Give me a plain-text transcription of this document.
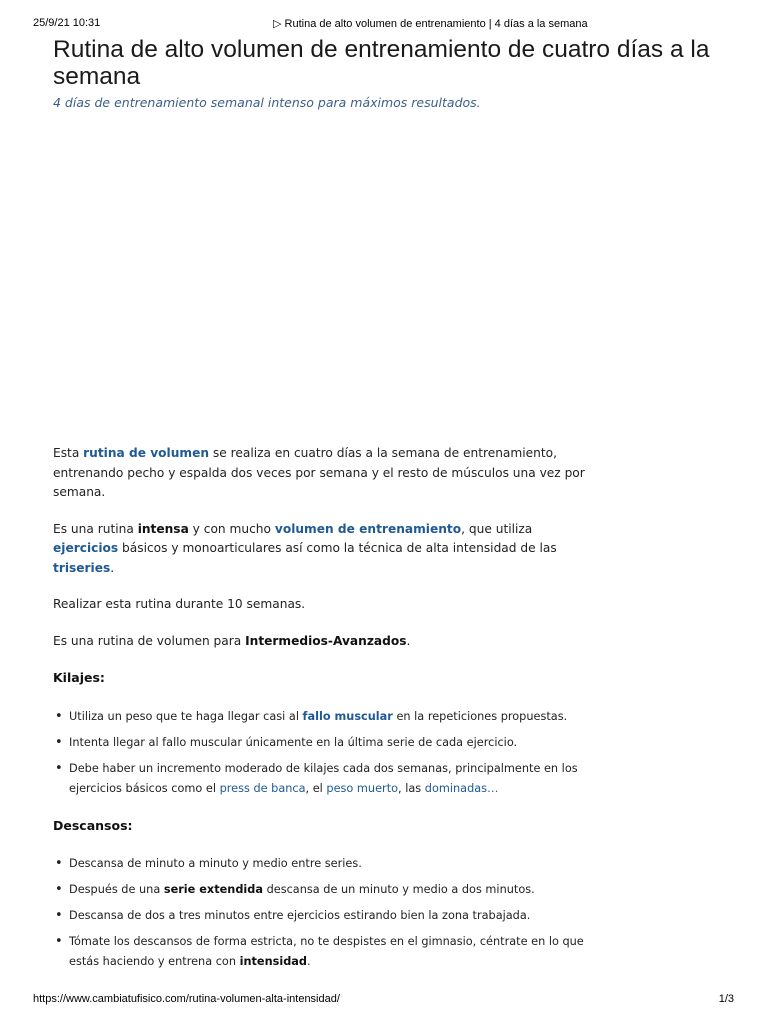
25/9/21 10:31	▷ Rutina de alto volumen de entrenamiento | 4 días a la semana
Rutina de alto volumen de entrenamiento de cuatro días a la semana

4 días de entrenamiento semanal intenso para máximos resultados.

Esta rutina de volumen se realiza en cuatro días a la semana de entrenamiento, entrenando pecho y espalda dos veces por semana y el resto de músculos una vez por semana.

Es una rutina intensa y con mucho volumen de entrenamiento, que utiliza ejercicios básicos y monoarticulares así como la técnica de alta intensidad de las triseries.

Realizar esta rutina durante 10 semanas.

Es una rutina de volumen para Intermedios-Avanzados.

Kilajes:
• Utiliza un peso que te haga llegar casi al fallo muscular en la repeticiones propuestas.
• Intenta llegar al fallo muscular únicamente en la última serie de cada ejercicio.
• Debe haber un incremento moderado de kilajes cada dos semanas, principalmente en los ejercicios básicos como el press de banca, el peso muerto, las dominadas…
Descansos:
• Descansa de minuto a minuto y medio entre series.
• Después de una serie extendida descansa de un minuto y medio a dos minutos.
• Descansa de dos a tres minutos entre ejercicios estirando bien la zona trabajada.
• Tómate los descansos de forma estricta, no te despistes en el gimnasio, céntrate en lo que estás haciendo y entrena con intensidad.
https://www.cambiatufisico.com/rutina-volumen-alta-intensidad/	1/3
